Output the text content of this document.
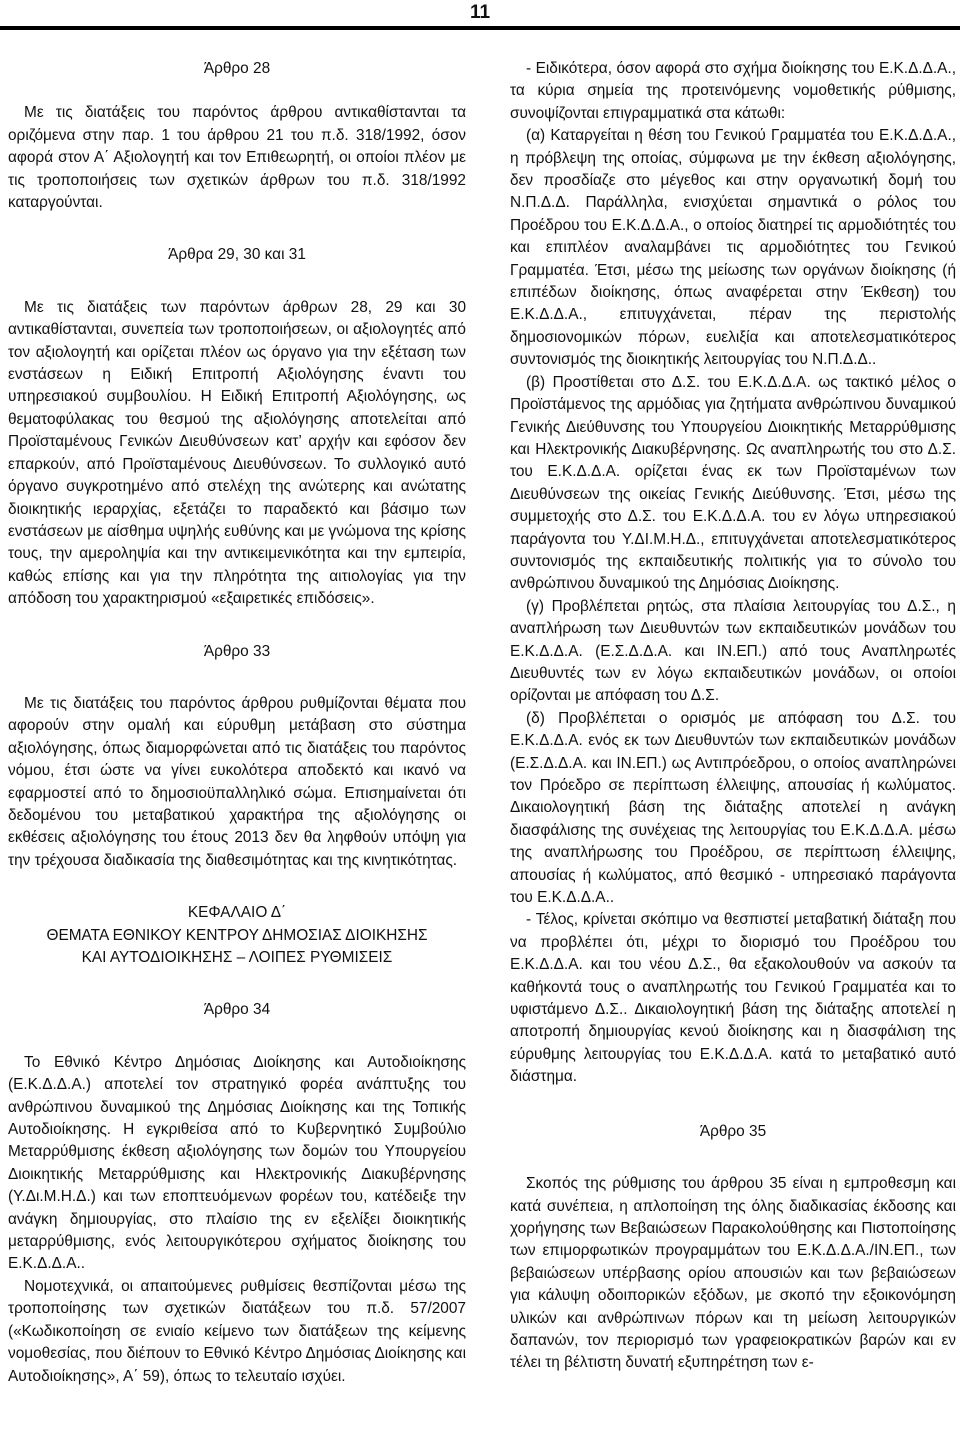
11
Άρθρο 28

Με τις διατάξεις του παρόντος άρθρου αντικαθίστανται τα οριζόμενα στην παρ. 1 του άρθρου 21 του π.δ. 318/1992, όσον αφορά στον Α΄ Αξιολογητή και τον Επιθεωρητή, οι οποίοι πλέον με τις τροποποιήσεις των σχετικών άρθρων του π.δ. 318/1992 καταργούνται.

Άρθρα 29, 30 και 31

Με τις διατάξεις των παρόντων άρθρων 28, 29 και 30 αντικαθίστανται, συνεπεία των τροποποιήσεων, οι αξιολογητές από τον αξιολογητή και ορίζεται πλέον ως όργανο για την εξέταση των ενστάσεων η Ειδική Επιτροπή Αξιολόγησης έναντι του υπηρεσιακού συμβουλίου. Η Ειδική Επιτροπή Αξιολόγησης, ως θεματοφύλακας του θεσμού της αξιολόγησης αποτελείται από Προϊσταμένους Γενικών Διευθύνσεων κατ’ αρχήν και εφόσον δεν επαρκούν, από Προϊσταμένους Διευθύνσεων. Το συλλογικό αυτό όργανο συγκροτημένο από στελέχη της ανώτερης και ανώτατης διοικητικής ιεραρχίας, εξετάζει το παραδεκτό και βάσιμο των ενστάσεων με αίσθημα υψηλής ευθύνης και με γνώμονα της κρίσης τους, την αμεροληψία και την αντικειμενικότητα και την εμπειρία, καθώς επίσης και για την πληρότητα της αιτιολογίας για την απόδοση του χαρακτηρισμού «εξαιρετικές επιδόσεις».

Άρθρο 33

Με τις διατάξεις του παρόντος άρθρου ρυθμίζονται θέματα που αφορούν στην ομαλή και εύρυθμη μετάβαση στο σύστημα αξιολόγησης, όπως διαμορφώνεται από τις διατάξεις του παρόντος νόμου, έτσι ώστε να γίνει ευκολότερα αποδεκτό και ικανό να εφαρμοστεί από το δημοσιοϋπαλληλικό σώμα. Επισημαίνεται ότι δεδομένου του μεταβατικού χαρακτήρα της αξιολόγησης οι εκθέσεις αξιολόγησης του έτους 2013 δεν θα ληφθούν υπόψη για την τρέχουσα διαδικασία της διαθεσιμότητας και της κινητικότητας.

ΚΕΦΑΛΑΙΟ Δ΄
ΘΕΜΑΤΑ ΕΘΝΙΚΟΥ ΚΕΝΤΡΟΥ ΔΗΜΟΣΙΑΣ ΔΙΟΙΚΗΣΗΣ
ΚΑΙ ΑΥΤΟΔΙΟΙΚΗΣΗΣ – ΛΟΙΠΕΣ ΡΥΘΜΙΣΕΙΣ
Άρθρο 34

Το Εθνικό Κέντρο Δημόσιας Διοίκησης και Αυτοδιοίκησης (Ε.Κ.Δ.Δ.Α.) αποτελεί τον στρατηγικό φορέα ανάπτυξης του ανθρώπινου δυναμικού της Δημόσιας Διοίκησης και της Τοπικής Αυτοδιοίκησης. Η εγκριθείσα από το Κυβερνητικό Συμβούλιο Μεταρρύθμισης έκθεση αξιολόγησης των δομών του Υπουργείου Διοικητικής Μεταρρύθμισης και Ηλεκτρονικής Διακυβέρνησης (Υ.Δι.Μ.Η.Δ.) και των εποπτευόμενων φορέων του, κατέδειξε την ανάγκη δημιουργίας, στο πλαίσιο της εν εξελίξει διοικητικής μεταρρύθμισης, ενός λειτουργικότερου σχήματος διοίκησης του Ε.Κ.Δ.Δ.Α..

Νομοτεχνικά, οι απαιτούμενες ρυθμίσεις θεσπίζονται μέσω της τροποποίησης των σχετικών διατάξεων του π.δ. 57/2007 («Κωδικοποίηση σε ενιαίο κείμενο των διατάξεων της κείμενης νομοθεσίας, που διέπουν το Εθνικό Κέντρο Δημόσιας Διοίκησης και Αυτοδιοίκησης», Α΄ 59), όπως το τελευταίο ισχύει.

- Ειδικότερα, όσον αφορά στο σχήμα διοίκησης του Ε.Κ.Δ.Δ.Α., τα κύρια σημεία της προτεινόμενης νομοθετικής ρύθμισης, συνοψίζονται επιγραμματικά στα κάτωθι:

(α) Καταργείται η θέση του Γενικού Γραμματέα του Ε.Κ.Δ.Δ.Α., η πρόβλεψη της οποίας, σύμφωνα με την έκθεση αξιολόγησης, δεν προσδίαζε στο μέγεθος και στην οργανωτική δομή του Ν.Π.Δ.Δ. Παράλληλα, ενισχύεται σημαντικά ο ρόλος του Προέδρου του Ε.Κ.Δ.Δ.Α., ο οποίος διατηρεί τις αρμοδιότητές του και επιπλέον αναλαμβάνει τις αρμοδιότητες του Γενικού Γραμματέα. Έτσι, μέσω της μείωσης των οργάνων διοίκησης (ή επιπέδων διοίκησης, όπως αναφέρεται στην Έκθεση) του Ε.Κ.Δ.Δ.Α., επιτυγχάνεται, πέραν της περιστολής δημοσιονομικών πόρων, ευελιξία και αποτελεσματικότερος συντονισμός της διοικητικής λειτουργίας του Ν.Π.Δ.Δ..

(β) Προστίθεται στο Δ.Σ. του Ε.Κ.Δ.Δ.Α. ως τακτικό μέλος ο Προϊστάμενος της αρμόδιας για ζητήματα ανθρώπινου δυναμικού Γενικής Διεύθυνσης του Υπουργείου Διοικητικής Μεταρρύθμισης και Ηλεκτρονικής Διακυβέρνησης. Ως αναπληρωτής του στο Δ.Σ. του Ε.Κ.Δ.Δ.Α. ορίζεται ένας εκ των Προϊσταμένων των Διευθύνσεων της οικείας Γενικής Διεύθυνσης. Έτσι, μέσω της συμμετοχής στο Δ.Σ. του Ε.Κ.Δ.Δ.Α. του εν λόγω υπηρεσιακού παράγοντα του Υ.ΔΙ.Μ.Η.Δ., επιτυγχάνεται αποτελεσματικότερος συντονισμός της εκπαιδευτικής πολιτικής για το σύνολο του ανθρώπινου δυναμικού της Δημόσιας Διοίκησης.

(γ) Προβλέπεται ρητώς, στα πλαίσια λειτουργίας του Δ.Σ., η αναπλήρωση των Διευθυντών των εκπαιδευτικών μονάδων του Ε.Κ.Δ.Δ.Α. (Ε.Σ.Δ.Δ.Α. και ΙΝ.ΕΠ.) από τους Αναπληρωτές Διευθυντές των εν λόγω εκπαιδευτικών μονάδων, οι οποίοι ορίζονται με απόφαση του Δ.Σ.

(δ) Προβλέπεται ο ορισμός με απόφαση του Δ.Σ. του Ε.Κ.Δ.Δ.Α. ενός εκ των Διευθυντών των εκπαιδευτικών μονάδων (Ε.Σ.Δ.Δ.Α. και ΙΝ.ΕΠ.) ως Αντιπρόεδρου, ο οποίος αναπληρώνει τον Πρόεδρο σε περίπτωση έλλειψης, απουσίας ή κωλύματος. Δικαιολογητική βάση της διάταξης αποτελεί η ανάγκη διασφάλισης της συνέχειας της λειτουργίας του Ε.Κ.Δ.Δ.Α. μέσω της αναπλήρωσης του Προέδρου, σε περίπτωση έλλειψης, απουσίας ή κωλύματος, από θεσμικό - υπηρεσιακό παράγοντα του Ε.Κ.Δ.Δ.Α..

- Τέλος, κρίνεται σκόπιμο να θεσπιστεί μεταβατική διάταξη που να προβλέπει ότι, μέχρι το διορισμό του Προέδρου του Ε.Κ.Δ.Δ.Α. και του νέου Δ.Σ., θα εξακολουθούν να ασκούν τα καθήκοντά τους ο αναπληρωτής του Γενικού Γραμματέα και το υφιστάμενο Δ.Σ.. Δικαιολογητική βάση της διάταξης αποτελεί η αποτροπή δημιουργίας κενού διοίκησης και η διασφάλιση της εύρυθμης λειτουργίας του Ε.Κ.Δ.Δ.Α. κατά το μεταβατικό αυτό διάστημα.

Άρθρο 35

Σκοπός της ρύθμισης του άρθρου 35 είναι η εμπροθεσμη και κατά συνέπεια, η απλοποίηση της όλης διαδικασίας έκδοσης και χορήγησης των Βεβαιώσεων Παρακολούθησης και Πιστοποίησης των επιμορφωτικών προγραμμάτων του Ε.Κ.Δ.Δ.Α./ΙΝ.ΕΠ., των βεβαιώσεων υπέρβασης ορίου απουσιών και των βεβαιώσεων για κάλυψη οδοιπορικών εξόδων, με σκοπό την εξοικονόμηση υλικών και ανθρώπινων πόρων και τη μείωση λειτουργικών δαπανών, τον περιορισμό των γραφειοκρατικών βαρών και εν τέλει τη βέλτιστη δυνατή εξυπηρέτηση των ε-
